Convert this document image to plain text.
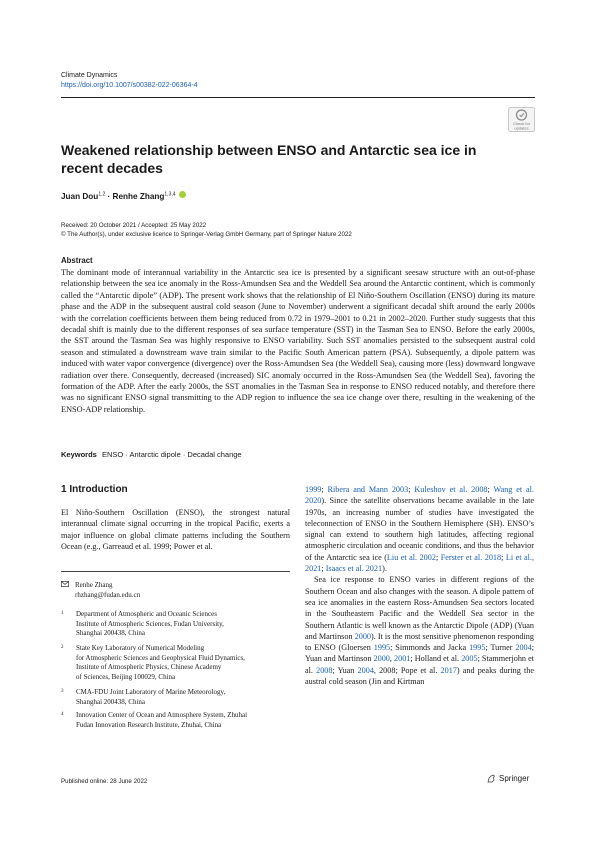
Climate Dynamics
https://doi.org/10.1007/s00382-022-06364-4
Check for
updates
Weakened relationship between ENSO and Antarctic sea ice in recent decades
Juan Dou$^{1,2}$ · Renhe Zhang$^{1,3,4}$
Received: 20 October 2021 / Accepted: 25 May 2022
© The Author(s), under exclusive licence to Springer-Verlag GmbH Germany, part of Springer Nature 2022
Abstract

The dominant mode of interannual variability in the Antarctic sea ice is presented by a significant seesaw structure with an out-of-phase relationship between the sea ice anomaly in the Ross-Amundsen Sea and the Weddell Sea around the Antarctic continent, which is commonly called the “Antarctic dipole” (ADP). The present work shows that the relationship of El Niño-Southern Oscillation (ENSO) during its mature phase and the ADP in the subsequent austral cold season (June to November) underwent a significant decadal shift around the early 2000s with the correlation coefficients between them being reduced from 0.72 in 1979–2001 to 0.21 in 2002–2020. Further study suggests that this decadal shift is mainly due to the different responses of sea surface temperature (SST) in the Tasman Sea to ENSO. Before the early 2000s, the SST around the Tasman Sea was highly responsive to ENSO variability. Such SST anomalies persisted to the subsequent austral cold season and stimulated a downstream wave train similar to the Pacific South American pattern (PSA). Subsequently, a dipole pattern was induced with water vapor convergence (divergence) over the Ross-Amundsen Sea (the Weddell Sea), causing more (less) downward longwave radiation over there. Consequently, decreased (increased) SIC anomaly occurred in the Ross-Amundsen Sea (the Weddell Sea), favoring the formation of the ADP. After the early 2000s, the SST anomalies in the Tasman Sea in response to ENSO reduced notably, and therefore there was no significant ENSO signal transmitting to the ADP region to influence the sea ice change over there, resulting in the weakening of the ENSO-ADP relationship.

Keywords ENSO · Antarctic dipole · Decadal change
1 Introduction

El Niño-Southern Oscillation (ENSO), the strongest natural interannual climate signal occurring in the tropical Pacific, exerts a major influence on global climate patterns including the Southern Ocean (e.g., Garreaud et al. 1999; Power et al.

Renhe Zhang
rhzhang@fudan.edu.cn
1 Department of Atmospheric and Oceanic Sciences
Institute of Atmospheric Sciences, Fudan University,
Shanghai 200438, China
2 State Key Laboratory of Numerical Modeling
for Atmospheric Sciences and Geophysical Fluid Dynamics,
Institute of Atmospheric Physics, Chinese Academy
of Sciences, Beijing 100029, China
3 CMA-FDU Joint Laboratory of Marine Meteorology,
Shanghai 200438, China
4 Innovation Center of Ocean and Atmosphere System, Zhuhai
Fudan Innovation Research Institute, Zhuhai, China

1999; Ribera and Mann 2003; Kuleshov et al. 2008; Wang et al. 2020). Since the satellite observations became available in the late 1970s, an increasing number of studies have investigated the teleconnection of ENSO in the Southern Hemisphere (SH). ENSO’s signal can extend to southern high latitudes, affecting regional atmospheric circulation and oceanic conditions, and thus the behavior of the Antarctic sea ice (Liu et al. 2002; Ferster et al. 2018; Li et al., 2021; Isaacs et al. 2021).

Sea ice response to ENSO varies in different regions of the Southern Ocean and also changes with the season. A dipole pattern of sea ice anomalies in the eastern Ross-Amundsen Sea sectors located in the Southeastern Pacific and the Weddell Sea sector in the Southern Atlantic is well known as the Antarctic Dipole (ADP) (Yuan and Martinson 2000). It is the most sensitive phenomenon responding to ENSO (Gloersen 1995; Simmonds and Jacka 1995; Turner 2004; Yuan and Martinson 2000, 2001; Holland et al. 2005; Stammerjohn et al. 2008; Yuan 2004, 2008; Pope et al. 2017) and peaks during the austral cold season (Jin and Kirtman

Published online: 28 June 2022	Springer
